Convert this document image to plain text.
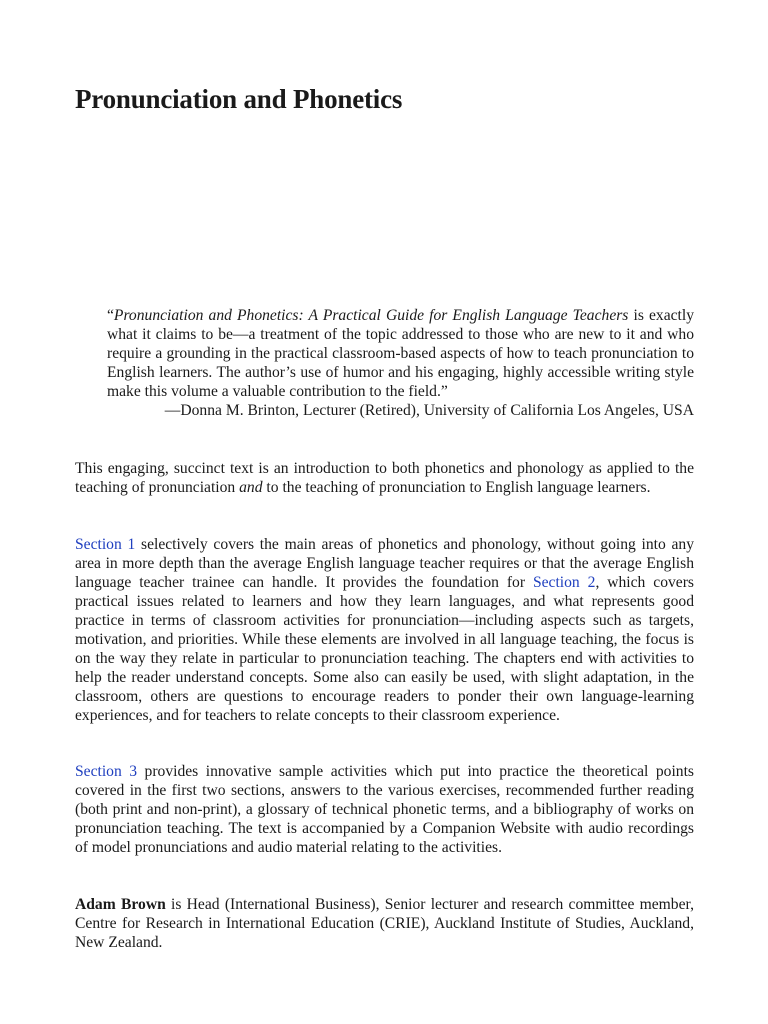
Pronunciation and Phonetics

“Pronunciation and Phonetics: A Practical Guide for English Language Teachers is exactly what it claims to be—a treatment of the topic addressed to those who are new to it and who require a grounding in the practical classroom-based aspects of how to teach pronunciation to English learners. The author’s use of humor and his engaging, highly accessible writing style make this volume a valuable contribution to the field.”

—Donna M. Brinton, Lecturer (Retired), University of California Los Angeles, USA

This engaging, succinct text is an introduction to both phonetics and phonology as applied to the teaching of pronunciation and to the teaching of pronunciation to English language learners.

Section 1 selectively covers the main areas of phonetics and phonology, without going into any area in more depth than the average English language teacher requires or that the average English language teacher trainee can handle. It provides the foundation for Section 2, which covers practical issues related to learners and how they learn languages, and what represents good practice in terms of classroom activities for pronunciation—including aspects such as targets, motivation, and priorities. While these elements are involved in all language teaching, the focus is on the way they relate in particular to pronunciation teaching. The chapters end with activities to help the reader understand concepts. Some also can easily be used, with slight adaptation, in the classroom, others are questions to encourage readers to ponder their own language-learning experiences, and for teachers to relate concepts to their classroom experience.

Section 3 provides innovative sample activities which put into practice the theoretical points covered in the first two sections, answers to the various exercises, recommended further reading (both print and non-print), a glossary of technical phonetic terms, and a bibliography of works on pronunciation teaching. The text is accompanied by a Companion Website with audio recordings of model pronunciations and audio material relating to the activities.

Adam Brown is Head (International Business), Senior lecturer and research committee member, Centre for Research in International Education (CRIE), Auckland Institute of Studies, Auckland, New Zealand.
